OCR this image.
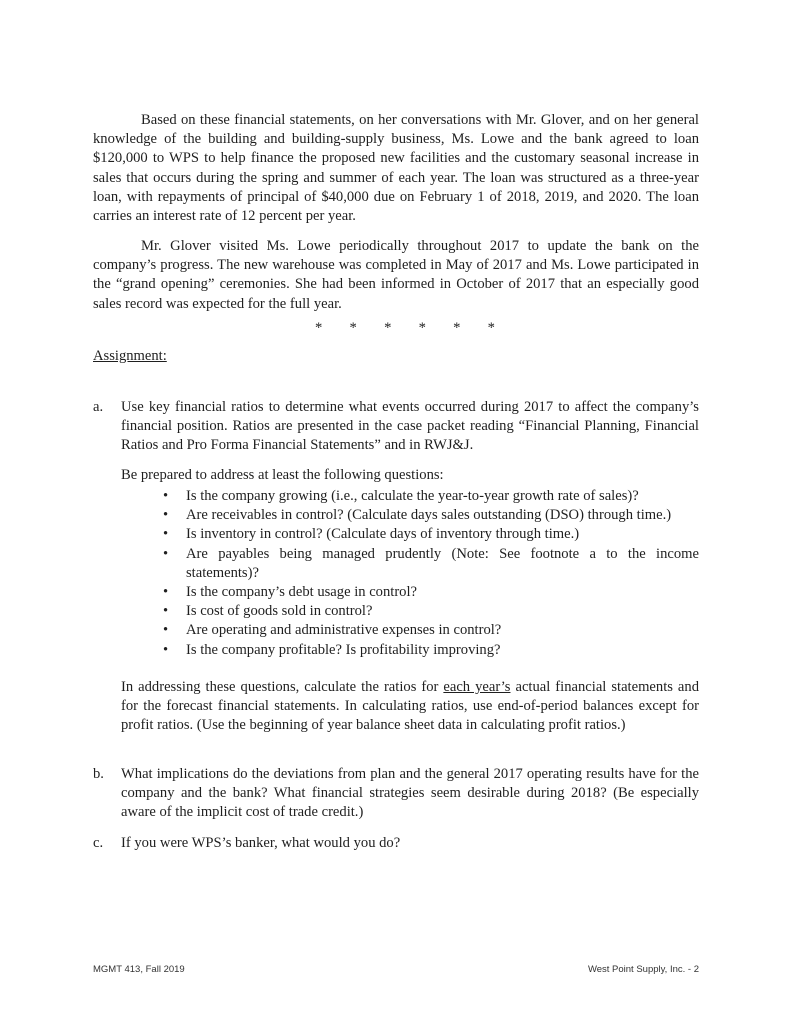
Based on these financial statements, on her conversations with Mr. Glover, and on her general knowledge of the building and building-supply business, Ms. Lowe and the bank agreed to loan $120,000 to WPS to help finance the proposed new facilities and the customary seasonal increase in sales that occurs during the spring and summer of each year. The loan was structured as a three-year loan, with repayments of principal of $40,000 due on February 1 of 2018, 2019, and 2020. The loan carries an interest rate of 12 percent per year.

Mr. Glover visited Ms. Lowe periodically throughout 2017 to update the bank on the company’s progress. The new warehouse was completed in May of 2017 and Ms. Lowe participated in the “grand opening” ceremonies. She had been informed in October of 2017 that an especially good sales record was expected for the full year.

* * * * * *
Assignment:
a.	Use key financial ratios to determine what events occurred during 2017 to affect the company’s financial position. Ratios are presented in the case packet reading “Financial Planning, Financial Ratios and Pro Forma Financial Statements” and in RWJ&J.
Be prepared to address at least the following questions:
• Is the company growing (i.e., calculate the year-to-year growth rate of sales)?
• Are receivables in control? (Calculate days sales outstanding (DSO) through time.)
• Is inventory in control? (Calculate days of inventory through time.)
• Are payables being managed prudently (Note: See footnote a to the income statements)?
• Is the company’s debt usage in control?
• Is cost of goods sold in control?
• Are operating and administrative expenses in control?
• Is the company profitable? Is profitability improving?
In addressing these questions, calculate the ratios for each year’s actual financial statements and for the forecast financial statements. In calculating ratios, use end-of-period balances except for profit ratios. (Use the beginning of year balance sheet data in calculating profit ratios.)
b.	What implications do the deviations from plan and the general 2017 operating results have for the company and the bank? What financial strategies seem desirable during 2018? (Be especially aware of the implicit cost of trade credit.)
c.	If you were WPS’s banker, what would you do?
MGMT 413, Fall 2019	West Point Supply, Inc. - 2
